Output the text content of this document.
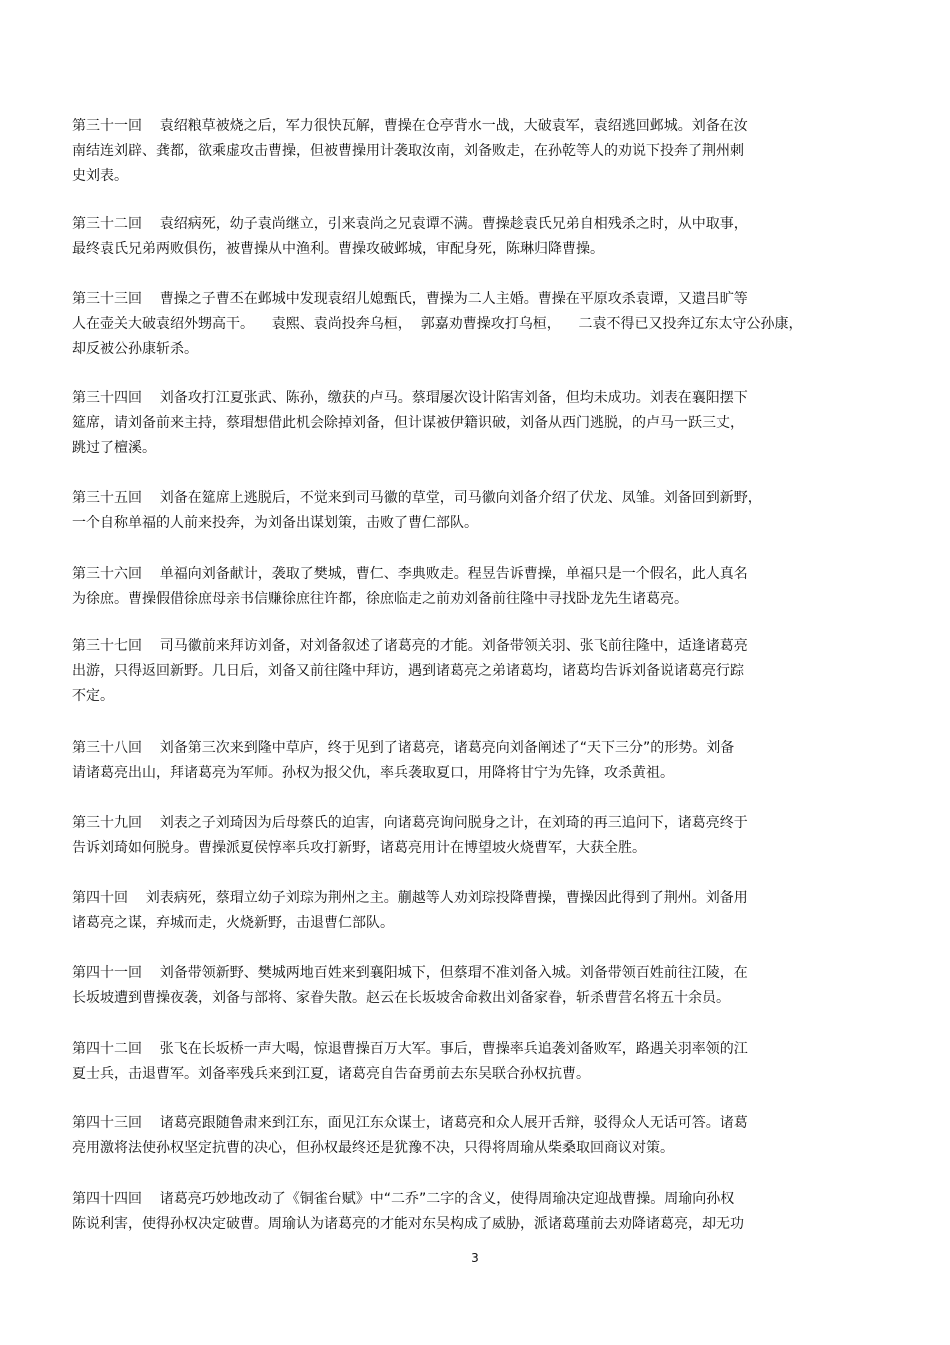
第三十一回    袁绍粮草被烧之后，军力很快瓦解，曹操在仓亭背水一战，大破袁军，袁绍逃回邺城。刘备在汝
南结连刘辟、龚都，欲乘虚攻击曹操，但被曹操用计袭取汝南，刘备败走，在孙乾等人的劝说下投奔了荆州刺
史刘表。
第三十二回    袁绍病死，幼子袁尚继立，引来袁尚之兄袁谭不满。曹操趁袁氏兄弟自相残杀之时，从中取事，
最终袁氏兄弟两败俱伤，被曹操从中渔利。曹操攻破邺城，审配身死，陈琳归降曹操。
第三十三回    曹操之子曹丕在邺城中发现袁绍儿媳甄氏，曹操为二人主婚。曹操在平原攻杀袁谭，又遣吕旷等
人在壶关大破袁绍外甥高干。    袁熙、袁尚投奔乌桓，  郭嘉劝曹操攻打乌桓，    二袁不得已又投奔辽东太守公孙康，
却反被公孙康斩杀。
第三十四回    刘备攻打江夏张武、陈孙，缴获的卢马。蔡瑁屡次设计陷害刘备，但均未成功。刘表在襄阳摆下
筵席，请刘备前来主持，蔡瑁想借此机会除掉刘备，但计谋被伊籍识破，刘备从西门逃脱，的卢马一跃三丈，
跳过了檀溪。
第三十五回    刘备在筵席上逃脱后，不觉来到司马徽的草堂，司马徽向刘备介绍了伏龙、凤雏。刘备回到新野，
一个自称单福的人前来投奔，为刘备出谋划策，击败了曹仁部队。
第三十六回    单福向刘备献计，袭取了樊城，曹仁、李典败走。程昱告诉曹操，单福只是一个假名，此人真名
为徐庶。曹操假借徐庶母亲书信赚徐庶往许都，徐庶临走之前劝刘备前往隆中寻找卧龙先生诸葛亮。
第三十七回    司马徽前来拜访刘备，对刘备叙述了诸葛亮的才能。刘备带领关羽、张飞前往隆中，适逢诸葛亮
出游，只得返回新野。几日后，刘备又前往隆中拜访，遇到诸葛亮之弟诸葛均，诸葛均告诉刘备说诸葛亮行踪
不定。
第三十八回    刘备第三次来到隆中草庐，终于见到了诸葛亮，诸葛亮向刘备阐述了“天下三分”的形势。刘备
请诸葛亮出山，拜诸葛亮为军师。孙权为报父仇，率兵袭取夏口，用降将甘宁为先锋，攻杀黄祖。
第三十九回    刘表之子刘琦因为后母蔡氏的迫害，向诸葛亮询问脱身之计，在刘琦的再三追问下，诸葛亮终于
告诉刘琦如何脱身。曹操派夏侯惇率兵攻打新野，诸葛亮用计在博望坡火烧曹军，大获全胜。
第四十回    刘表病死，蔡瑁立幼子刘琮为荆州之主。蒯越等人劝刘琮投降曹操，曹操因此得到了荆州。刘备用
诸葛亮之谋，弃城而走，火烧新野，击退曹仁部队。
第四十一回    刘备带领新野、樊城两地百姓来到襄阳城下，但蔡瑁不准刘备入城。刘备带领百姓前往江陵，在
长坂坡遭到曹操夜袭，刘备与部将、家眷失散。赵云在长坂坡舍命救出刘备家眷，斩杀曹营名将五十余员。
第四十二回    张飞在长坂桥一声大喝，惊退曹操百万大军。事后，曹操率兵追袭刘备败军，路遇关羽率领的江
夏士兵，击退曹军。刘备率残兵来到江夏，诸葛亮自告奋勇前去东吴联合孙权抗曹。
第四十三回    诸葛亮跟随鲁肃来到江东，面见江东众谋士，诸葛亮和众人展开舌辩，驳得众人无话可答。诸葛
亮用激将法使孙权坚定抗曹的决心，但孙权最终还是犹豫不决，只得将周瑜从柴桑取回商议对策。
第四十四回    诸葛亮巧妙地改动了《铜雀台赋》中“二乔”二字的含义，使得周瑜决定迎战曹操。周瑜向孙权
陈说利害，使得孙权决定破曹。周瑜认为诸葛亮的才能对东吴构成了威胁，派诸葛瑾前去劝降诸葛亮，却无功
3
